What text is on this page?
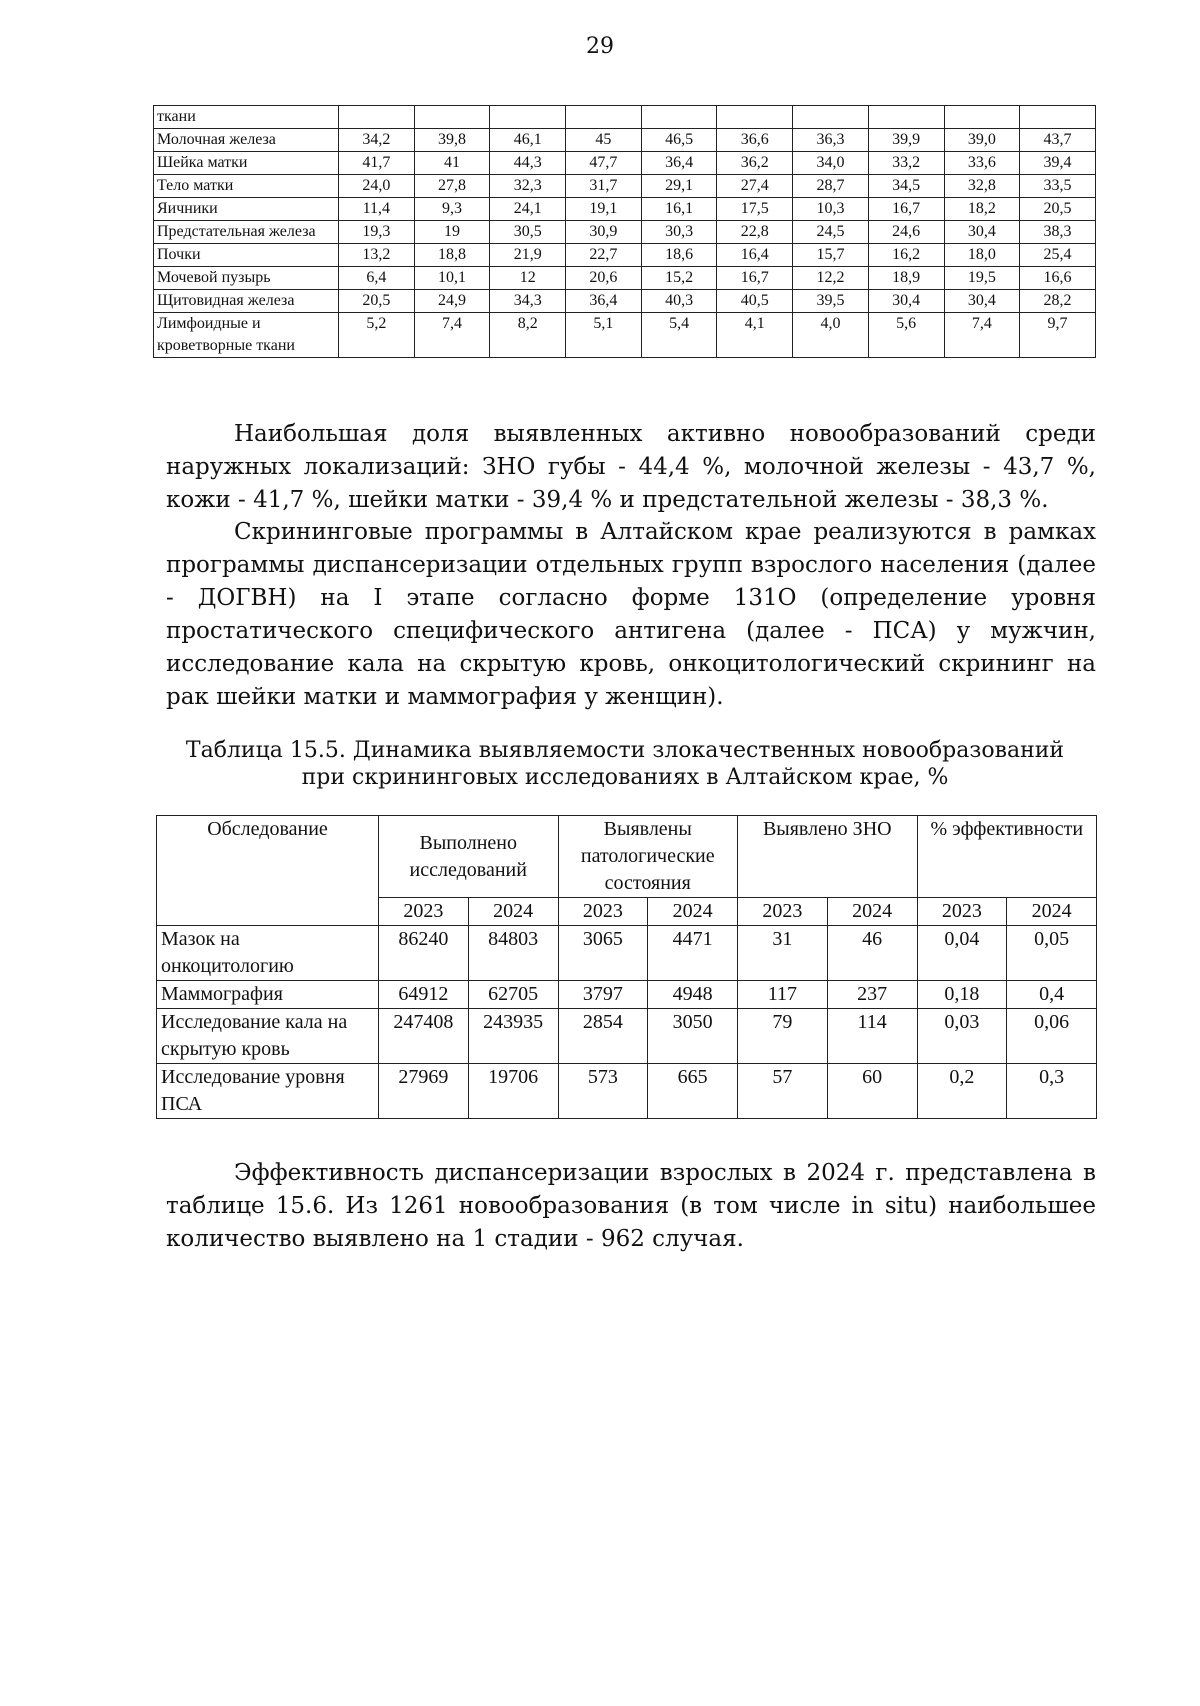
29
ткани										
Молочная железа	34,2	39,8	46,1	45	46,5	36,6	36,3	39,9	39,0	43,7
Шейка матки	41,7	41	44,3	47,7	36,4	36,2	34,0	33,2	33,6	39,4
Тело матки	24,0	27,8	32,3	31,7	29,1	27,4	28,7	34,5	32,8	33,5
Яичники	11,4	9,3	24,1	19,1	16,1	17,5	10,3	16,7	18,2	20,5
Предстательная железа	19,3	19	30,5	30,9	30,3	22,8	24,5	24,6	30,4	38,3
Почки	13,2	18,8	21,9	22,7	18,6	16,4	15,7	16,2	18,0	25,4
Мочевой пузырь	6,4	10,1	12	20,6	15,2	16,7	12,2	18,9	19,5	16,6
Щитовидная железа	20,5	24,9	34,3	36,4	40,3	40,5	39,5	30,4	30,4	28,2
Лимфоидные и кроветворные ткани	5,2	7,4	8,2	5,1	5,4	4,1	4,0	5,6	7,4	9,7
Наибольшая доля выявленных активно новообразований среди наружных локализаций: ЗНО губы - 44,4 %, молочной железы - 43,7 %, кожи - 41,7 %, шейки матки - 39,4 % и предстательной железы - 38,3 %.
Скрининговые программы в Алтайском крае реализуются в рамках программы диспансеризации отдельных групп взрослого населения (далее - ДОГВН) на I этапе согласно форме 131О (определение уровня простатического специфического антигена (далее - ПСА) у мужчин, исследование кала на скрытую кровь, онкоцитологический скрининг на рак шейки матки и маммография у женщин).
Таблица 15.5. Динамика выявляемости злокачественных новообразований
при скрининговых исследованиях в Алтайском крае, %
Обследование	Выполнено исследований		Выявлены патологические состояния		Выявлено ЗНО		% эффективности	
	2023	2024	2023	2024	2023	2024	2023	2024
Мазок на онкоцитологию	86240	84803	3065	4471	31	46	0,04	0,05
Маммография	64912	62705	3797	4948	117	237	0,18	0,4
Исследование кала на скрытую кровь	247408	243935	2854	3050	79	114	0,03	0,06
Исследование уровня ПСА	27969	19706	573	665	57	60	0,2	0,3
Эффективность диспансеризации взрослых в 2024 г. представлена в таблице 15.6. Из 1261 новообразования (в том числе in situ) наибольшее количество выявлено на 1 стадии - 962 случая.
